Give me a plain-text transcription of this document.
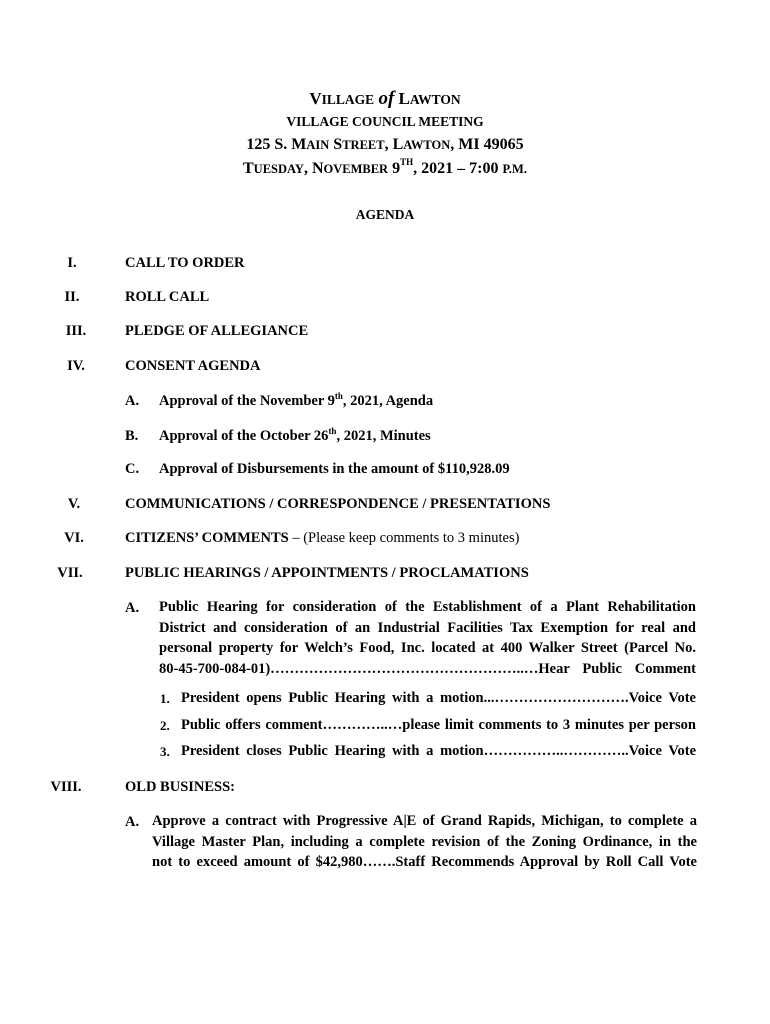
VILLAGE of LAWTON
VILLAGE COUNCIL MEETING
125 S. MAIN STREET, LAWTON, MI 49065
TUESDAY, NOVEMBER 9TH, 2021 – 7:00 P.M.
AGENDA
I.	CALL TO ORDER
II.	ROLL CALL
III.	PLEDGE OF ALLEGIANCE
IV.	CONSENT AGENDA
A. Approval of the November 9th, 2021, Agenda
B. Approval of the October 26th, 2021, Minutes
C. Approval of Disbursements in the amount of $110,928.09
V.	COMMUNICATIONS / CORRESPONDENCE / PRESENTATIONS
VI.	CITIZENS’ COMMENTS – (Please keep comments to 3 minutes)
VII.	PUBLIC HEARINGS / APPOINTMENTS / PROCLAMATIONS
A. Public Hearing for consideration of the Establishment of a Plant Rehabilitation
District and consideration of an Industrial Facilities Tax Exemption for real and
personal property for Welch’s Food, Inc. located at 400 Walker Street (Parcel No.
80-45-700-084-01)……………………………………………..…Hear Public Comment
1. President opens Public Hearing with a motion...……………………….Voice Vote
2. Public offers comment…………..…please limit comments to 3 minutes per person
3. President closes Public Hearing with a motion……………..…………..Voice Vote
VIII.	OLD BUSINESS:
A. Approve a contract with Progressive A|E of Grand Rapids, Michigan, to complete a
Village Master Plan, including a complete revision of the Zoning Ordinance, in the
not to exceed amount of $42,980…….Staff Recommends Approval by Roll Call Vote
